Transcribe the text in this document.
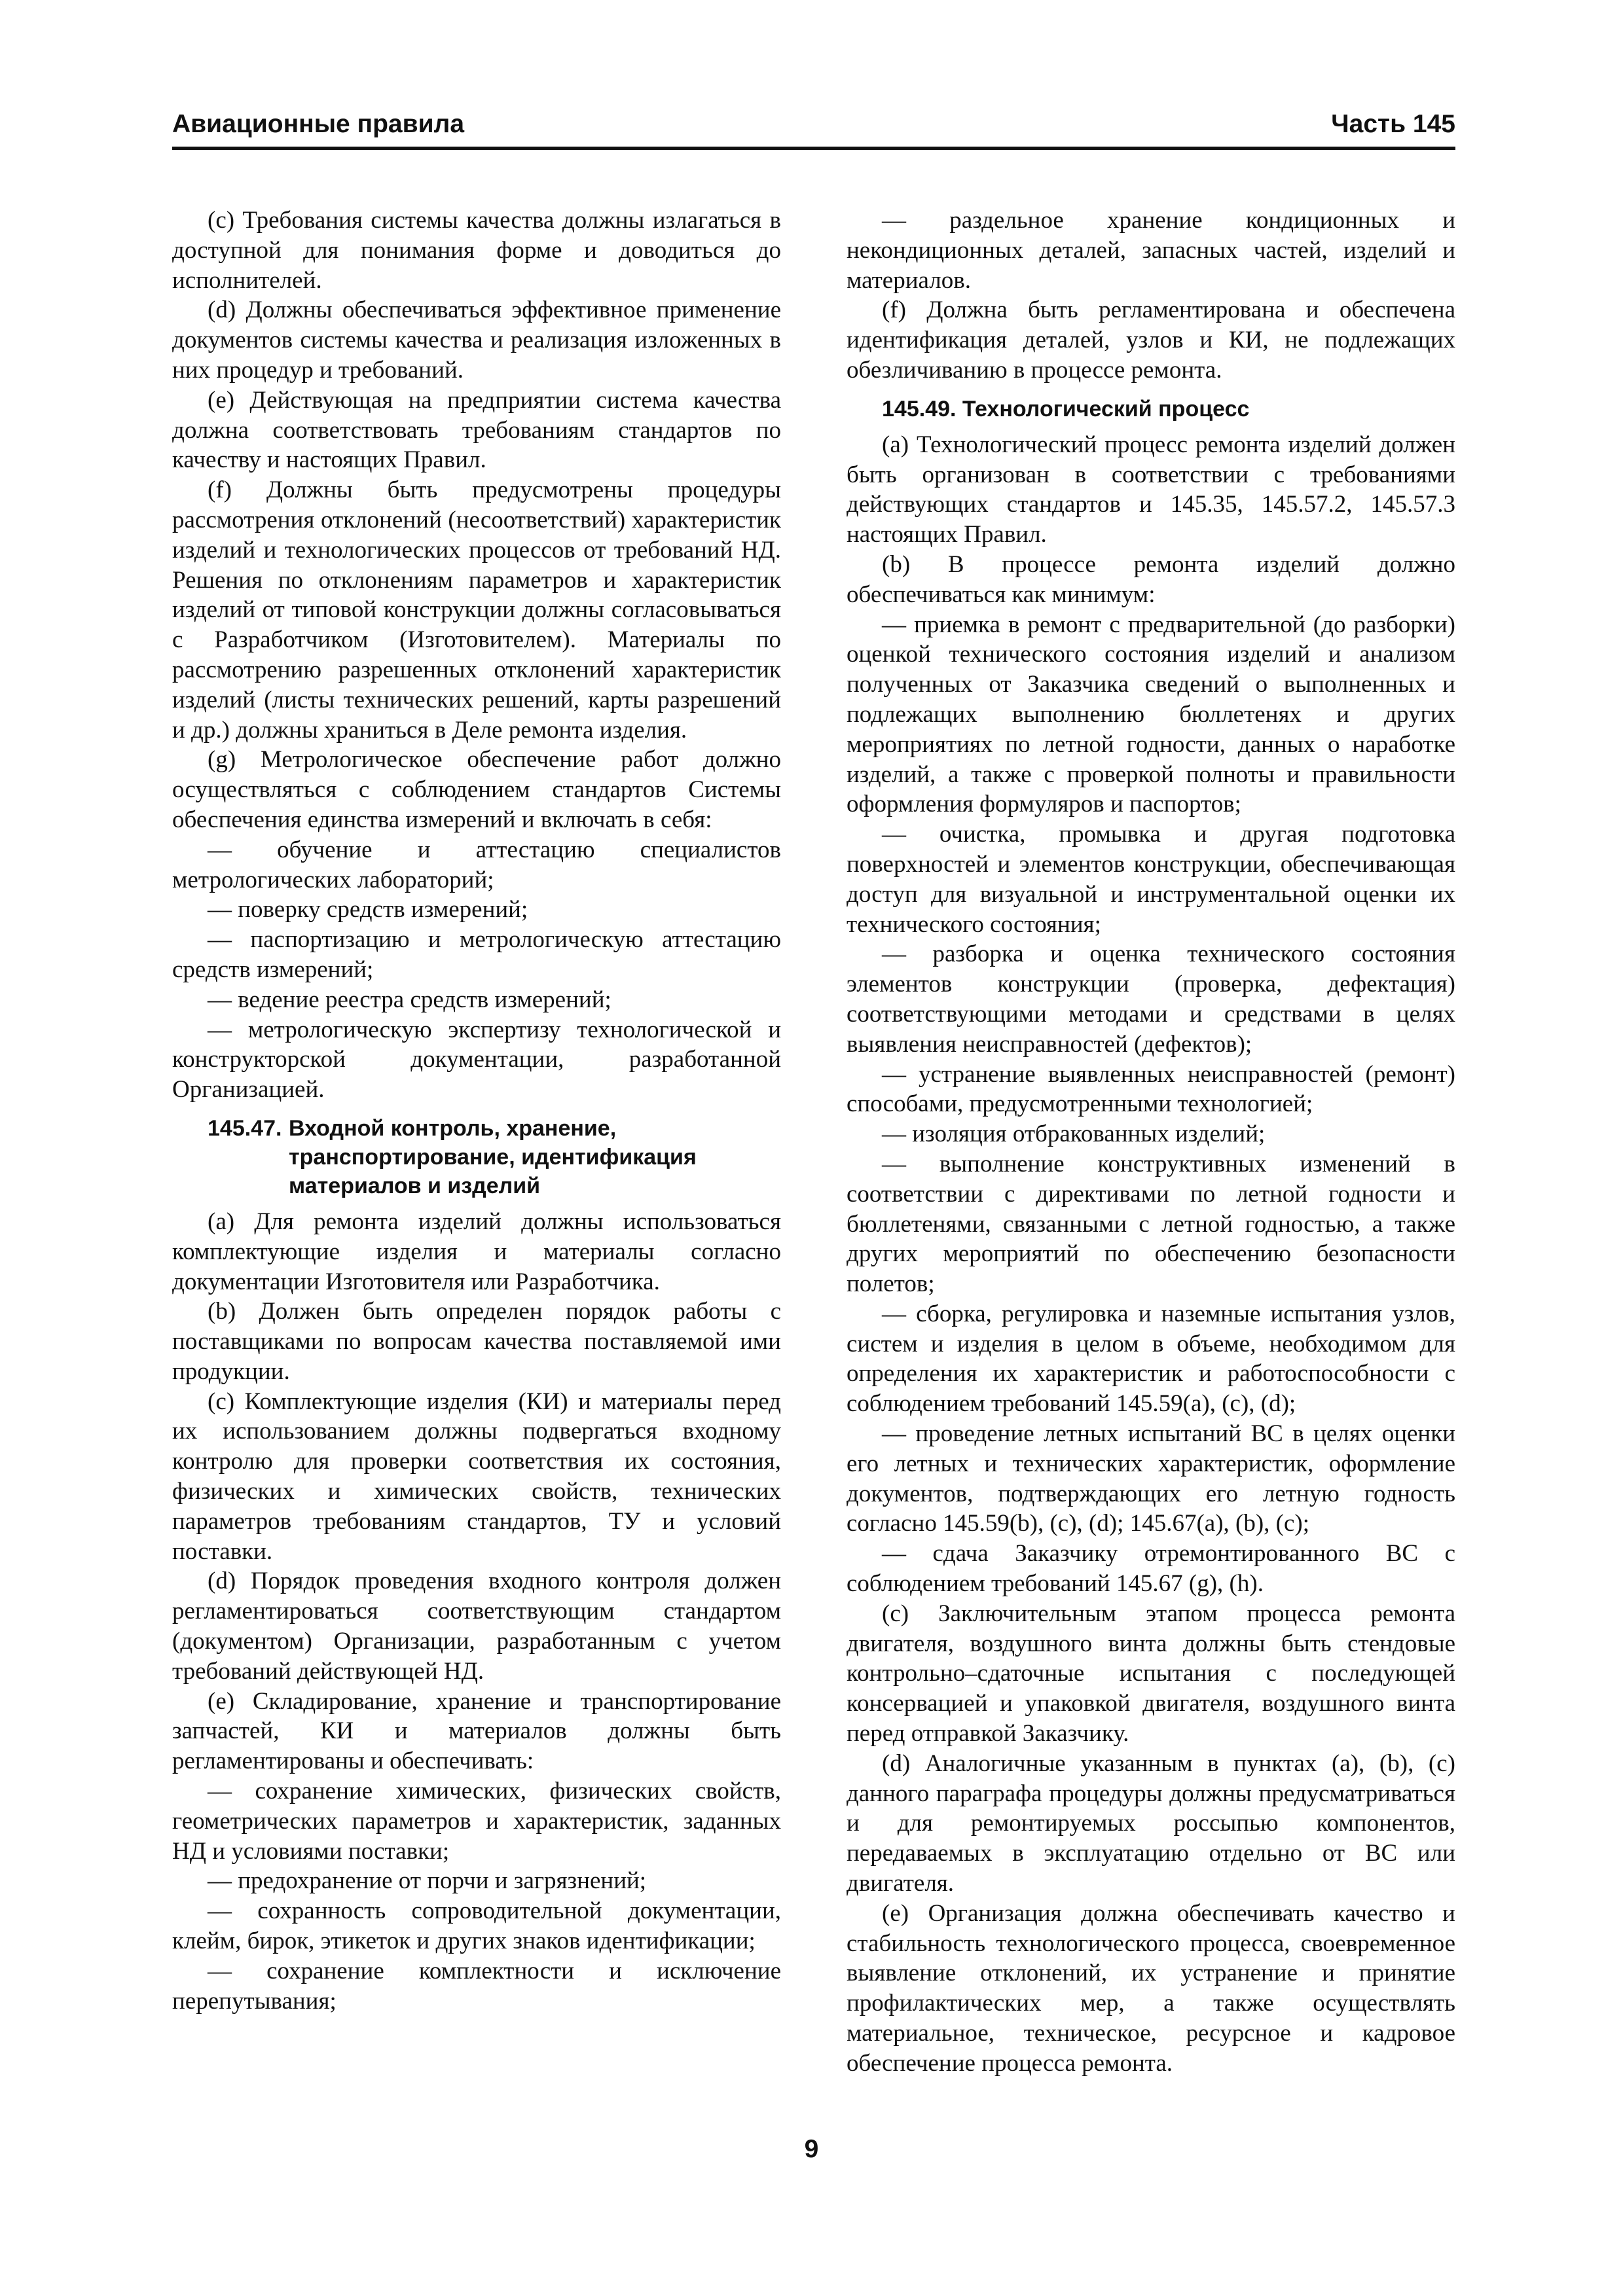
Авиационные правила	Часть 145

(c) Требования системы качества должны излагаться в доступной для понимания форме и доводиться до исполнителей.

(d) Должны обеспечиваться эффективное применение документов системы качества и реализация изложенных в них процедур и требований.

(e) Действующая на предприятии система качества должна соответствовать требованиям стандартов по качеству и настоящих Правил.

(f) Должны быть предусмотрены процедуры рассмотрения отклонений (несоответствий) характеристик изделий и технологических процессов от требований НД. Решения по отклонениям параметров и характеристик изделий от типовой конструкции должны согласовываться с Разработчиком (Изготовителем). Материалы по рассмотрению разрешенных отклонений характеристик изделий (листы технических решений, карты разрешений и др.) должны храниться в Деле ремонта изделия.

(g) Метрологическое обеспечение работ должно осуществляться с соблюдением стандартов Системы обеспечения единства измерений и включать в себя:

— обучение и аттестацию специалистов метрологических лабораторий;

— поверку средств измерений;

— паспортизацию и метрологическую аттестацию средств измерений;

— ведение реестра средств измерений;

— метрологическую экспертизу технологической и конструкторской документации, разработанной Организацией.

145.47. Входной контроль, хранение,
транспортирование, идентификация
материалов и изделий

(a) Для ремонта изделий должны использоваться комплектующие изделия и материалы согласно документации Изготовителя или Разработчика.

(b) Должен быть определен порядок работы с поставщиками по вопросам качества поставляемой ими продукции.

(c) Комплектующие изделия (КИ) и материалы перед их использованием должны подвергаться входному контролю для проверки соответствия их состояния, физических и химических свойств, технических параметров требованиям стандартов, ТУ и условий поставки.

(d) Порядок проведения входного контроля должен регламентироваться соответствующим стандартом (документом) Организации, разработанным с учетом требований действующей НД.

(e) Складирование, хранение и транспортирование запчастей, КИ и материалов должны быть регламентированы и обеспечивать:

— сохранение химических, физических свойств, геометрических параметров и характеристик, заданных НД и условиями поставки;

— предохранение от порчи и загрязнений;

— сохранность сопроводительной документации, клейм, бирок, этикеток и других знаков идентификации;

— сохранение комплектности и исключение перепутывания;

— раздельное хранение кондиционных и некондиционных деталей, запасных частей, изделий и материалов.

(f) Должна быть регламентирована и обеспечена идентификация деталей, узлов и КИ, не подлежащих обезличиванию в процессе ремонта.

145.49. Технологический процесс

(a) Технологический процесс ремонта изделий должен быть организован в соответствии с требованиями действующих стандартов и 145.35, 145.57.2, 145.57.3 настоящих Правил.

(b) В процессе ремонта изделий должно обеспечиваться как минимум:

— приемка в ремонт с предварительной (до разборки) оценкой технического состояния изделий и анализом полученных от Заказчика сведений о выполненных и подлежащих выполнению бюллетенях и других мероприятиях по летной годности, данных о наработке изделий, а также с проверкой полноты и правильности оформления формуляров и паспортов;

— очистка, промывка и другая подготовка поверхностей и элементов конструкции, обеспечивающая доступ для визуальной и инструментальной оценки их технического состояния;

— разборка и оценка технического состояния элементов конструкции (проверка, дефектация) соответствующими методами и средствами в целях выявления неисправностей (дефектов);

— устранение выявленных неисправностей (ремонт) способами, предусмотренными технологией;

— изоляция отбракованных изделий;

— выполнение конструктивных изменений в соответствии с директивами по летной годности и бюллетенями, связанными с летной годностью, а также других мероприятий по обеспечению безопасности полетов;

— сборка, регулировка и наземные испытания узлов, систем и изделия в целом в объеме, необходимом для определения их характеристик и работоспособности с соблюдением требований 145.59(a), (c), (d);

— проведение летных испытаний ВС в целях оценки его летных и технических характеристик, оформление документов, подтверждающих его летную годность согласно 145.59(b), (c), (d); 145.67(a), (b), (c);

— сдача Заказчику отремонтированного ВС с соблюдением требований 145.67 (g), (h).

(c) Заключительным этапом процесса ремонта двигателя, воздушного винта должны быть стендовые контрольно–сдаточные испытания с последующей консервацией и упаковкой двигателя, воздушного винта перед отправкой Заказчику.

(d) Аналогичные указанным в пунктах (a), (b), (c) данного параграфа процедуры должны предусматриваться и для ремонтируемых россыпью компонентов, передаваемых в эксплуатацию отдельно от ВС или двигателя.

(e) Организация должна обеспечивать качество и стабильность технологического процесса, своевременное выявление отклонений, их устранение и принятие профилактических мер, а также осуществлять материальное, техническое, ресурсное и кадровое обеспечение процесса ремонта.

9
